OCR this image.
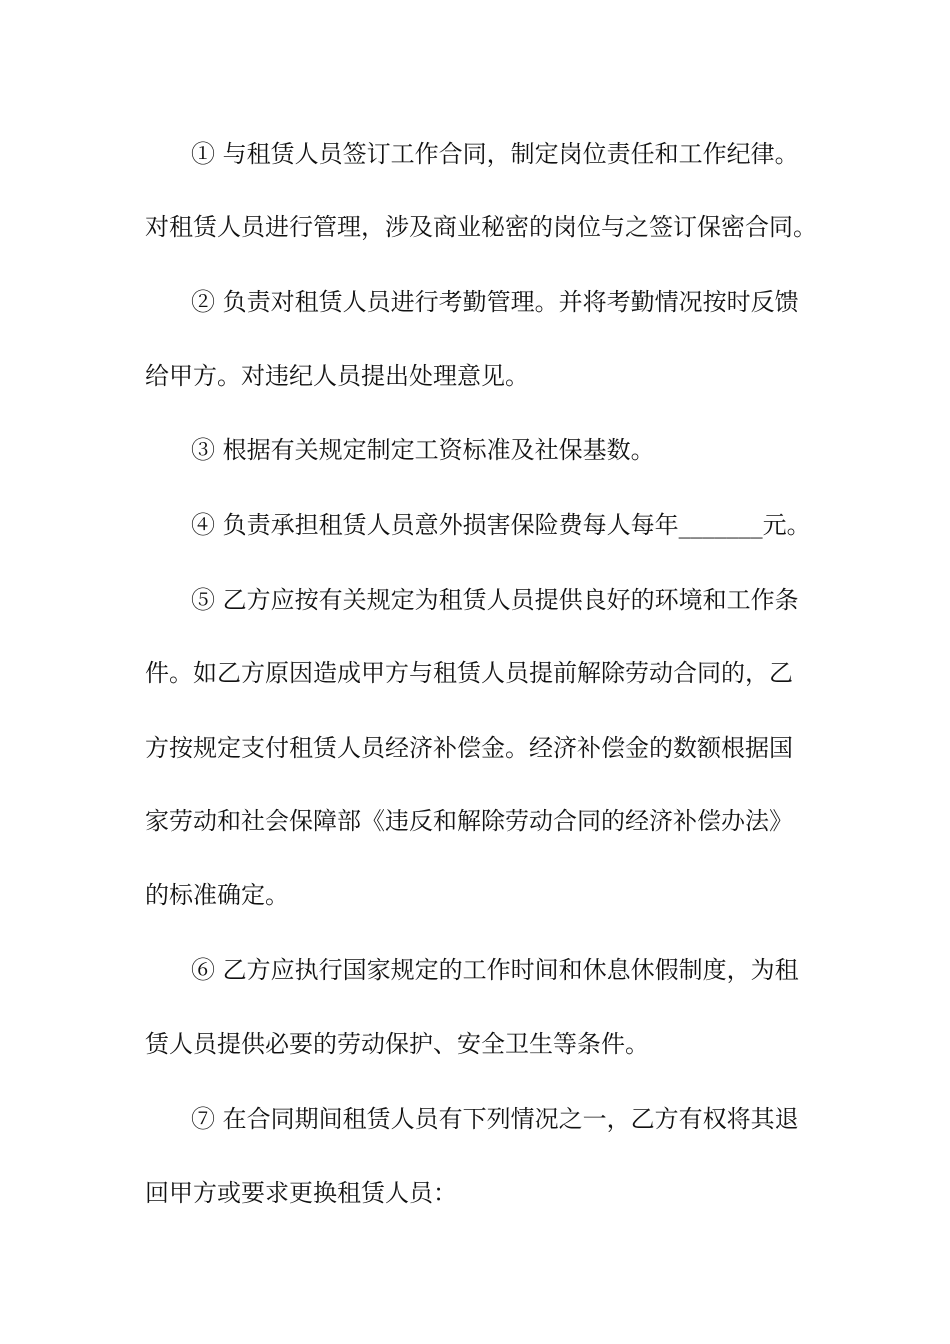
① 与租赁人员签订工作合同，制定岗位责任和工作纪律。
对租赁人员进行管理，涉及商业秘密的岗位与之签订保密合同。
② 负责对租赁人员进行考勤管理。并将考勤情况按时反馈
给甲方。对违纪人员提出处理意见。
③ 根据有关规定制定工资标准及社保基数。
④ 负责承担租赁人员意外损害保险费每人每年_______元。
⑤ 乙方应按有关规定为租赁人员提供良好的环境和工作条
件。如乙方原因造成甲方与租赁人员提前解除劳动合同的，乙
方按规定支付租赁人员经济补偿金。经济补偿金的数额根据国
家劳动和社会保障部《违反和解除劳动合同的经济补偿办法》
的标准确定。
⑥ 乙方应执行国家规定的工作时间和休息休假制度，为租
赁人员提供必要的劳动保护、安全卫生等条件。
⑦ 在合同期间租赁人员有下列情况之一，乙方有权将其退
回甲方或要求更换租赁人员：
